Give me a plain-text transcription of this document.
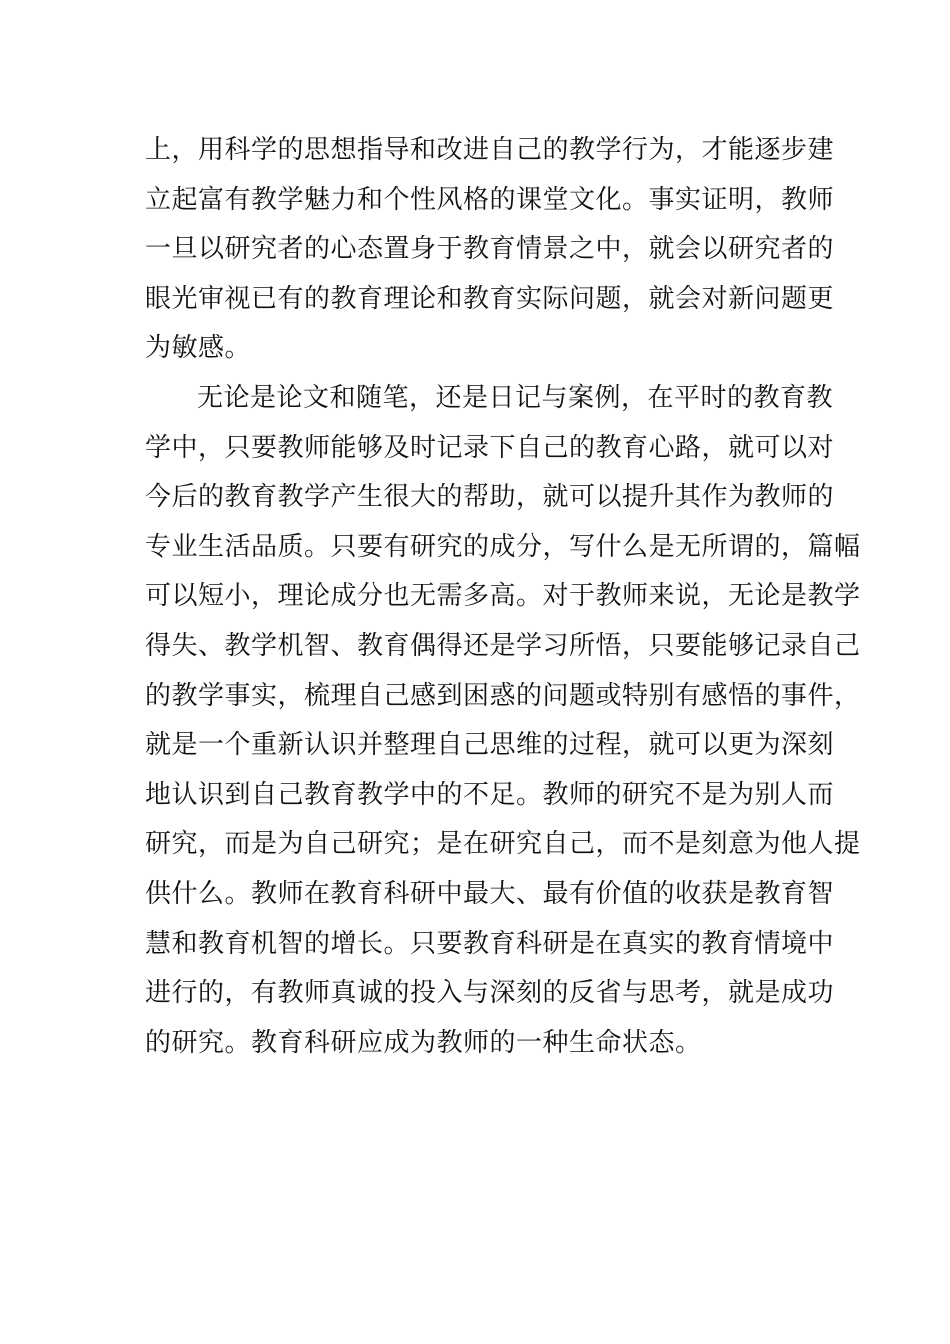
上，用科学的思想指导和改进自己的教学行为，才能逐步建
立起富有教学魅力和个性风格的课堂文化。事实证明，教师
一旦以研究者的心态置身于教育情景之中，就会以研究者的
眼光审视已有的教育理论和教育实际问题，就会对新问题更
为敏感。
无论是论文和随笔，还是日记与案例，在平时的教育教
学中，只要教师能够及时记录下自己的教育心路，就可以对
今后的教育教学产生很大的帮助，就可以提升其作为教师的
专业生活品质。只要有研究的成分，写什么是无所谓的，篇幅
可以短小，理论成分也无需多高。对于教师来说，无论是教学
得失、教学机智、教育偶得还是学习所悟，只要能够记录自己
的教学事实，梳理自己感到困惑的问题或特别有感悟的事件，
就是一个重新认识并整理自己思维的过程，就可以更为深刻
地认识到自己教育教学中的不足。教师的研究不是为别人而
研究，而是为自己研究；是在研究自己，而不是刻意为他人提
供什么。教师在教育科研中最大、最有价值的收获是教育智
慧和教育机智的增长。只要教育科研是在真实的教育情境中
进行的，有教师真诚的投入与深刻的反省与思考，就是成功
的研究。教育科研应成为教师的一种生命状态。
